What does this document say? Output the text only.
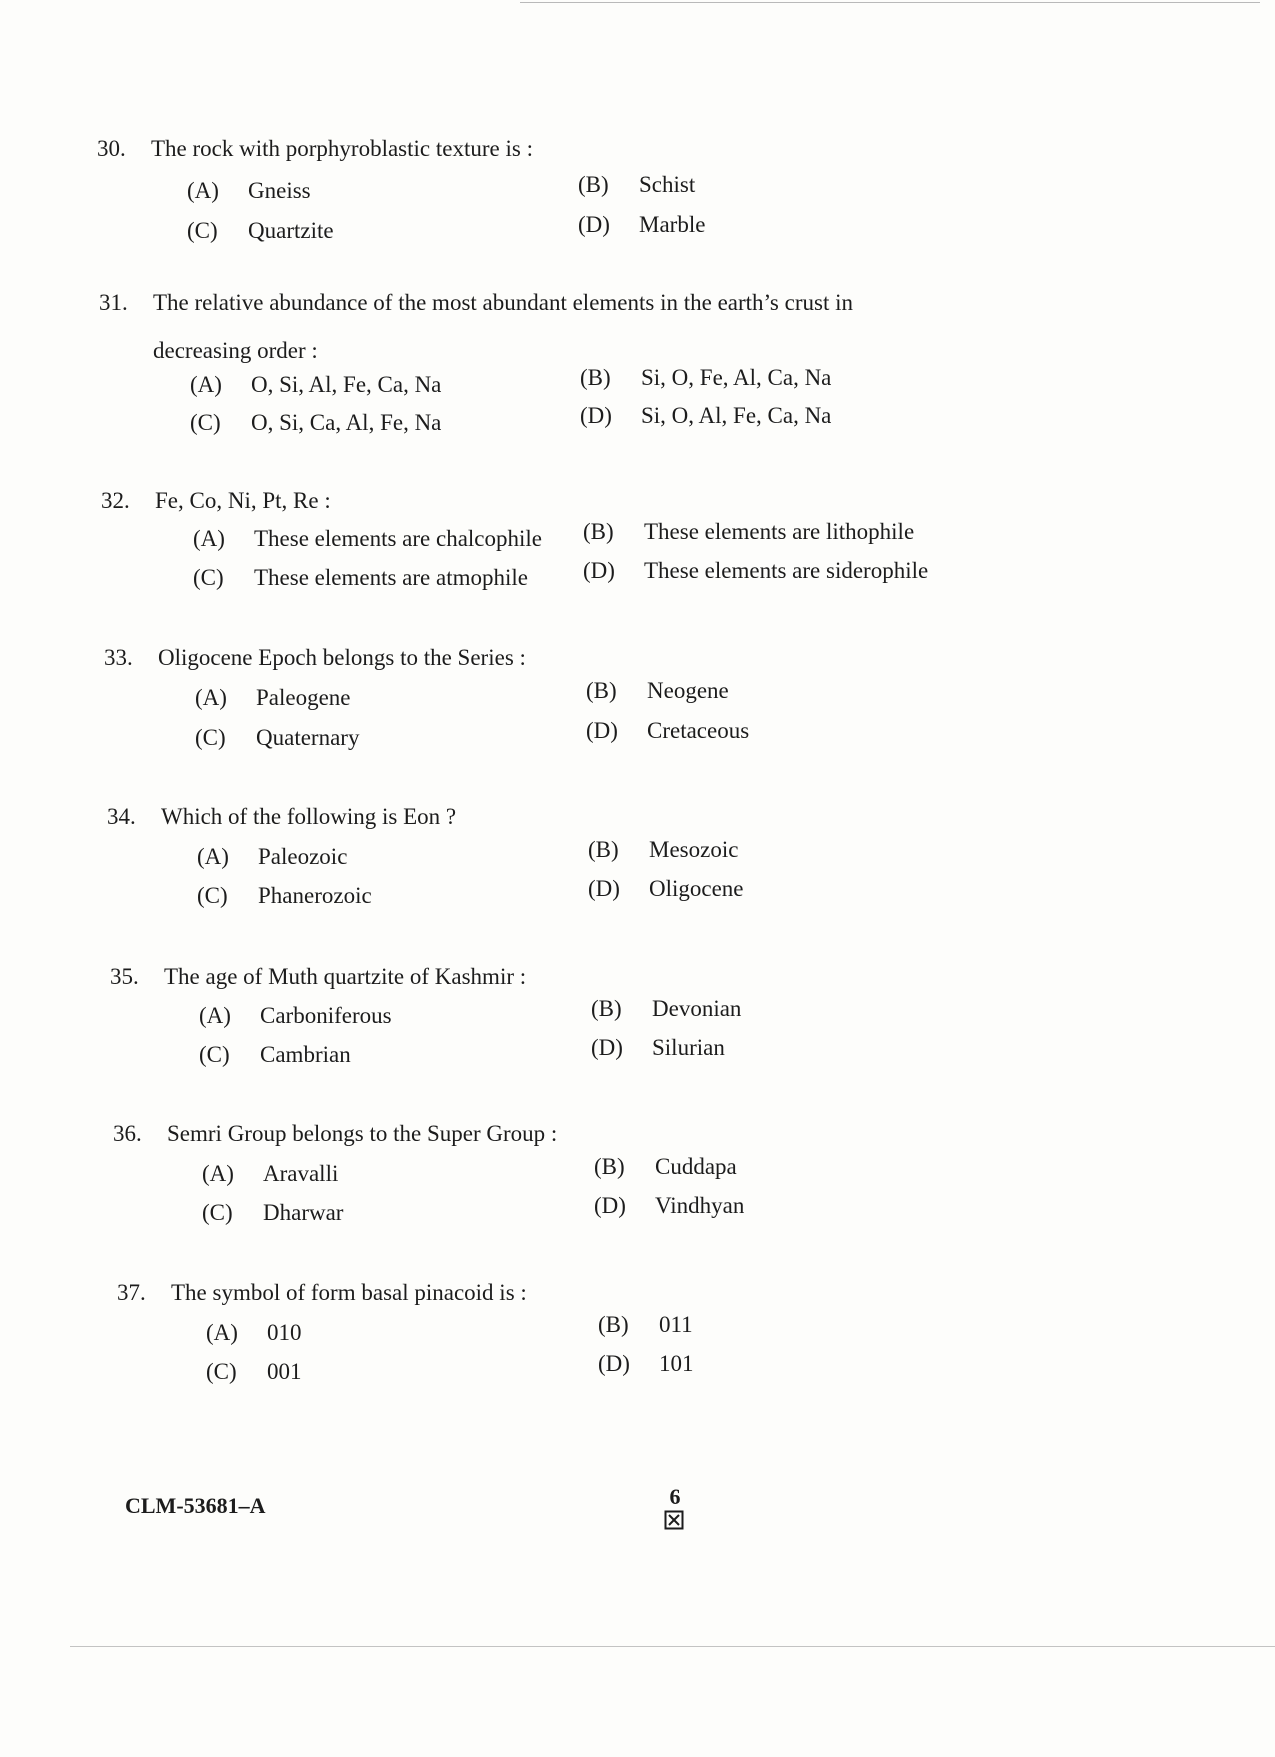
30. The rock with porphyroblastic texture is :
(A) Gneiss	(B) Schist
(C) Quartzite	(D) Marble
31. The relative abundance of the most abundant elements in the earth’s crust in
decreasing order :
(A) O, Si, Al, Fe, Ca, Na	(B) Si, O, Fe, Al, Ca, Na
(C) O, Si, Ca, Al, Fe, Na	(D) Si, O, Al, Fe, Ca, Na
32. Fe, Co, Ni, Pt, Re :
(A) These elements are chalcophile (B) These elements are lithophile
(C) These elements are atmophile (D) These elements are siderophile
33. Oligocene Epoch belongs to the Series :
(A) Paleogene	(B) Neogene
(C) Quaternary	(D) Cretaceous
34. Which of the following is Eon ?
(A) Paleozoic	(B) Mesozoic
(C) Phanerozoic	(D) Oligocene
35. The age of Muth quartzite of Kashmir :
(A) Carboniferous	(B) Devonian
(C) Cambrian	(D) Silurian
36. Semri Group belongs to the Super Group :
(A) Aravalli	(B) Cuddapa
(C) Dharwar	(D) Vindhyan
37. The symbol of form basal pinacoid is :
(A) 010	(B) 011
(C) 001	(D) 101
CLM-53681–A	6
